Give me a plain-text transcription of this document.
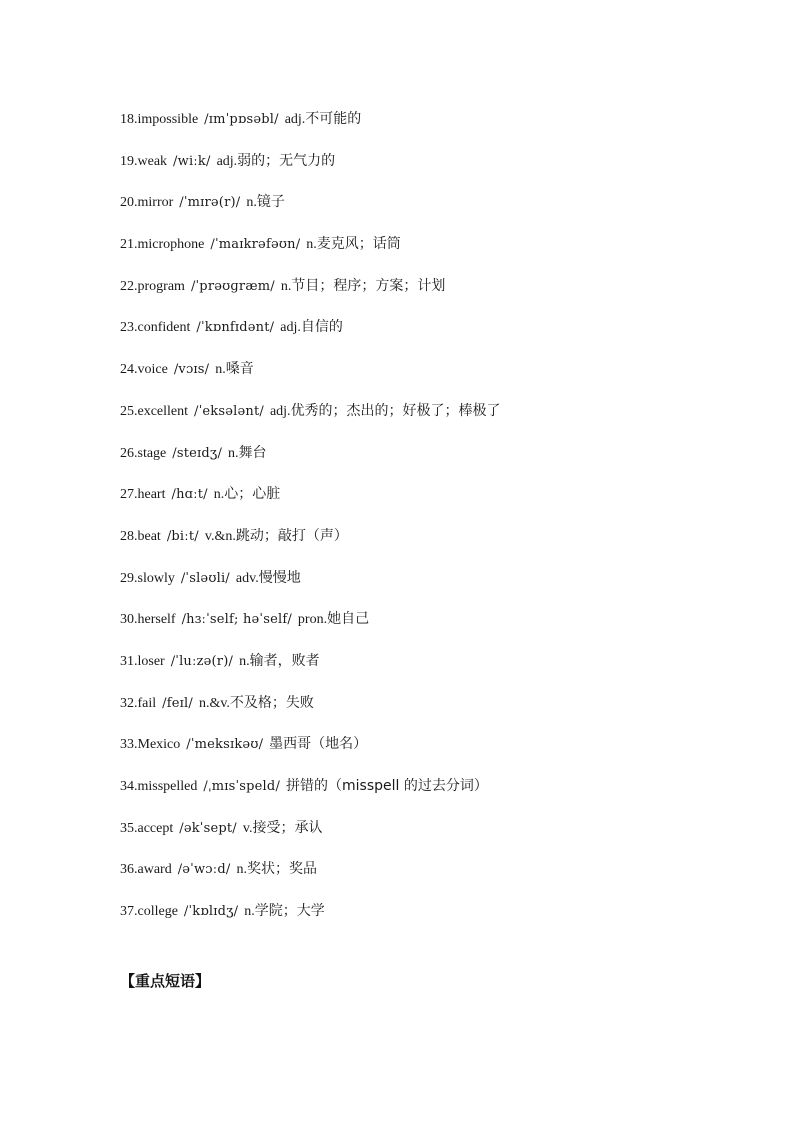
18.impossible /ɪmˈpɒsəbl/ adj.不可能的
19.weak /wiːk/ adj.弱的；无气力的
20.mirror /ˈmɪrə(r)/ n.镜子
21.microphone /ˈmaɪkrəfəʊn/ n.麦克风；话筒
22.program /ˈprəʊɡræm/ n.节目；程序；方案；计划
23.confident /ˈkɒnfɪdənt/ adj.自信的
24.voice /vɔɪs/ n.嗓音
25.excellent /ˈeksələnt/ adj.优秀的；杰出的；好极了；棒极了
26.stage /steɪdʒ/ n.舞台
27.heart /hɑːt/ n.心；心脏
28.beat /biːt/ v.&n.跳动；敲打（声）
29.slowly /ˈsləʊli/ adv.慢慢地
30.herself /hɜːˈself; həˈself/ pron.她自己
31.loser /ˈluːzə(r)/ n.输者，败者
32.fail /feɪl/ n.&v.不及格；失败
33.Mexico /ˈmeksɪkəʊ/ 墨西哥（地名）
34.misspelled /ˌmɪsˈspeld/ 拼错的（misspell 的过去分词）
35.accept /əkˈsept/ v.接受；承认
36.award /əˈwɔːd/ n.奖状；奖品
37.college /ˈkɒlɪdʒ/ n.学院；大学
【重点短语】
